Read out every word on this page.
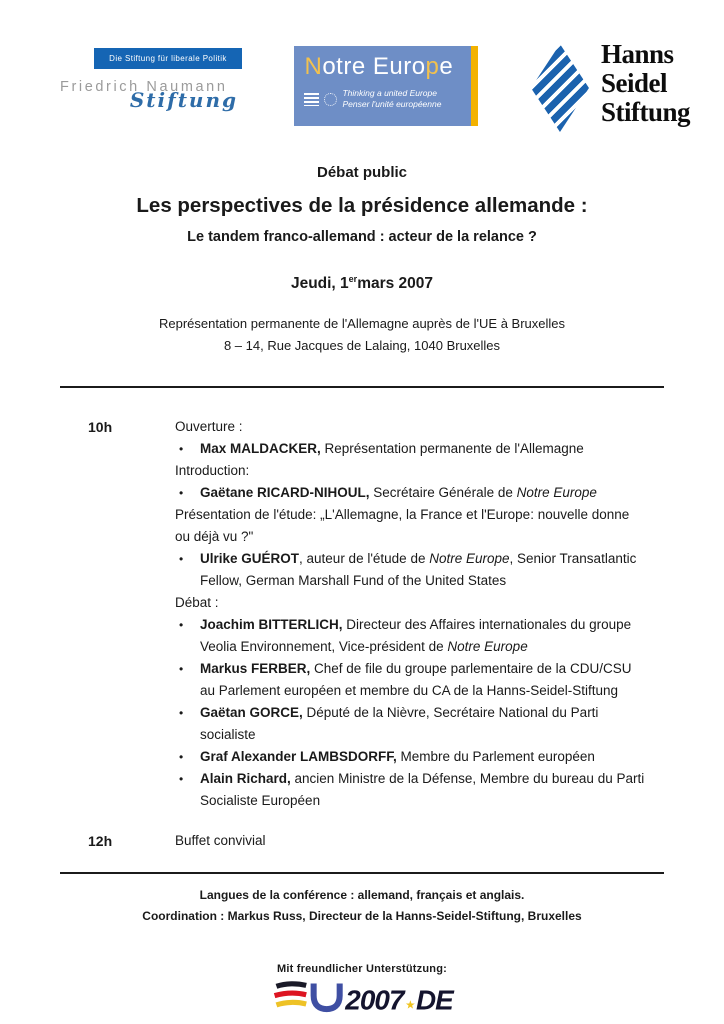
Die Stiftung für liberale Politik
Friedrich Naumann
Stiftung
Notre Europe
Thinking a united Europe
Penser l'unité européenne
Hanns
Seidel
Stiftung
Débat public
Les perspectives de la présidence allemande :
Le tandem franco-allemand : acteur de la relance ?
Jeudi, 1ermars 2007
Représentation permanente de l'Allemagne auprès de l'UE à Bruxelles
8 – 14, Rue Jacques de Lalaing, 1040 Bruxelles
10h	Ouverture :

• Max MALDACKER, Représentation permanente de l'Allemagne

Introduction:

• Gaëtane RICARD-NIHOUL, Secrétaire Générale de Notre Europe

Présentation de l'étude: „L'Allemagne, la France et l'Europe: nouvelle donne ou déjà vu ?"

• Ulrike GUÉROT, auteur de l'étude de Notre Europe, Senior Transatlantic Fellow, German Marshall Fund of the United States

Débat :

• Joachim BITTERLICH, Directeur des Affaires internationales du groupe Veolia Environnement, Vice-président de Notre Europe

• Markus FERBER, Chef de file du groupe parlementaire de la CDU/CSU au Parlement européen et membre du CA de la Hanns-Seidel-Stiftung

• Gaëtan GORCE, Député de la Nièvre, Secrétaire National du Parti socialiste

• Graf Alexander LAMBSDORFF, Membre du Parlement européen

• Alain Richard, ancien Ministre de la Défense, Membre du bureau du Parti Socialiste Européen

12h	Buffet convivial

Langues de la conférence : allemand, français et anglais.
Coordination : Markus Russ, Directeur de la Hanns-Seidel-Stiftung, Bruxelles
Mit freundlicher Unterstützung:
2007 DE
